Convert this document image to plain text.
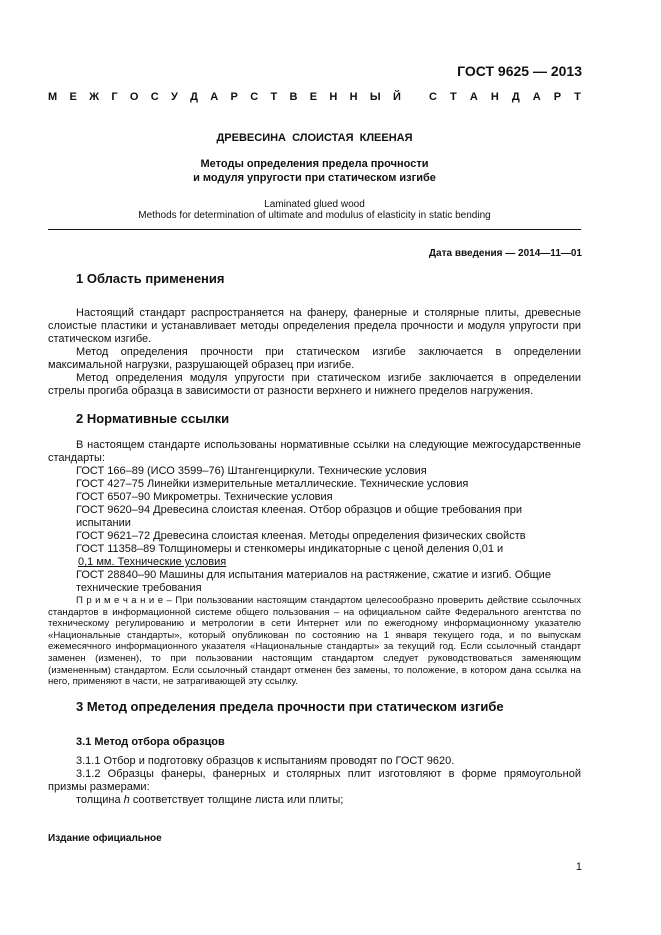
ГОСТ 9625 — 2013
М Е Ж Г О С У Д А Р С Т В Е Н Н Ы Й	С Т А Н Д А Р Т
ДРЕВЕСИНА  СЛОИСТАЯ  КЛЕЕНАЯ
Методы определения предела прочности
и модуля упругости при статическом изгибе
Laminated glued wood
Methods for determination of ultimate and modulus of elasticity in static bending
Дата введения — 2014—11—01
1 Область применения
Настоящий стандарт распространяется на фанеру, фанерные и столярные плиты, древесные слоистые пластики и устанавливает методы определения предела прочности и модуля упругости при статическом изгибе.
Метод определения прочности при статическом изгибе заключается в определении максимальной нагрузки, разрушающей образец при изгибе.
Метод определения модуля упругости при статическом изгибе заключается в определении стрелы прогиба образца в зависимости от разности верхнего и нижнего пределов нагружения.
2 Нормативные ссылки
В настоящем стандарте использованы нормативные ссылки на следующие межгосударственные стандарты:
ГОСТ 166–89 (ИСО 3599–76) Штангенциркули. Технические условия
ГОСТ 427–75 Линейки измерительные металлические. Технические условия
ГОСТ 6507–90 Микрометры. Технические условия
ГОСТ 9620–94 Древесина слоистая клееная. Отбор образцов и общие требования при
испытании
ГОСТ 9621–72 Древесина слоистая клееная. Методы определения физических свойств
ГОСТ 11358–89 Толщиномеры и стенкомеры индикаторные с ценой деления 0,01 и
0,1 мм. Технические условия
ГОСТ 28840–90 Машины для испытания материалов на растяжение, сжатие и изгиб. Общие
технические требования
П р и м е ч а н и е – При пользовании настоящим стандартом целесообразно проверить действие ссылочных стандартов в информационной системе общего пользования – на официальном сайте Федерального агентства по техническому регулированию и метрологии в сети Интернет или по ежегодному информационному указателю «Национальные стандарты», который опубликован по состоянию на 1 января текущего года, и по выпускам ежемесячного информационного указателя «Национальные стандарты» за текущий год. Если ссылочный стандарт заменен (изменен), то при пользовании настоящим стандартом следует руководствоваться заменяющим (измененным) стандартом. Если ссылочный стандарт отменен без замены, то положение, в котором дана ссылка на него, применяют в части, не затрагивающей эту ссылку.
3 Метод определения предела прочности при статическом изгибе
3.1 Метод отбора образцов
3.1.1 Отбор и подготовку образцов к испытаниям проводят по ГОСТ 9620.
3.1.2 Образцы фанеры, фанерных и столярных плит изготовляют в форме прямоугольной призмы размерами:
толщина h соответствует толщине листа или плиты;
Издание официальное
1
